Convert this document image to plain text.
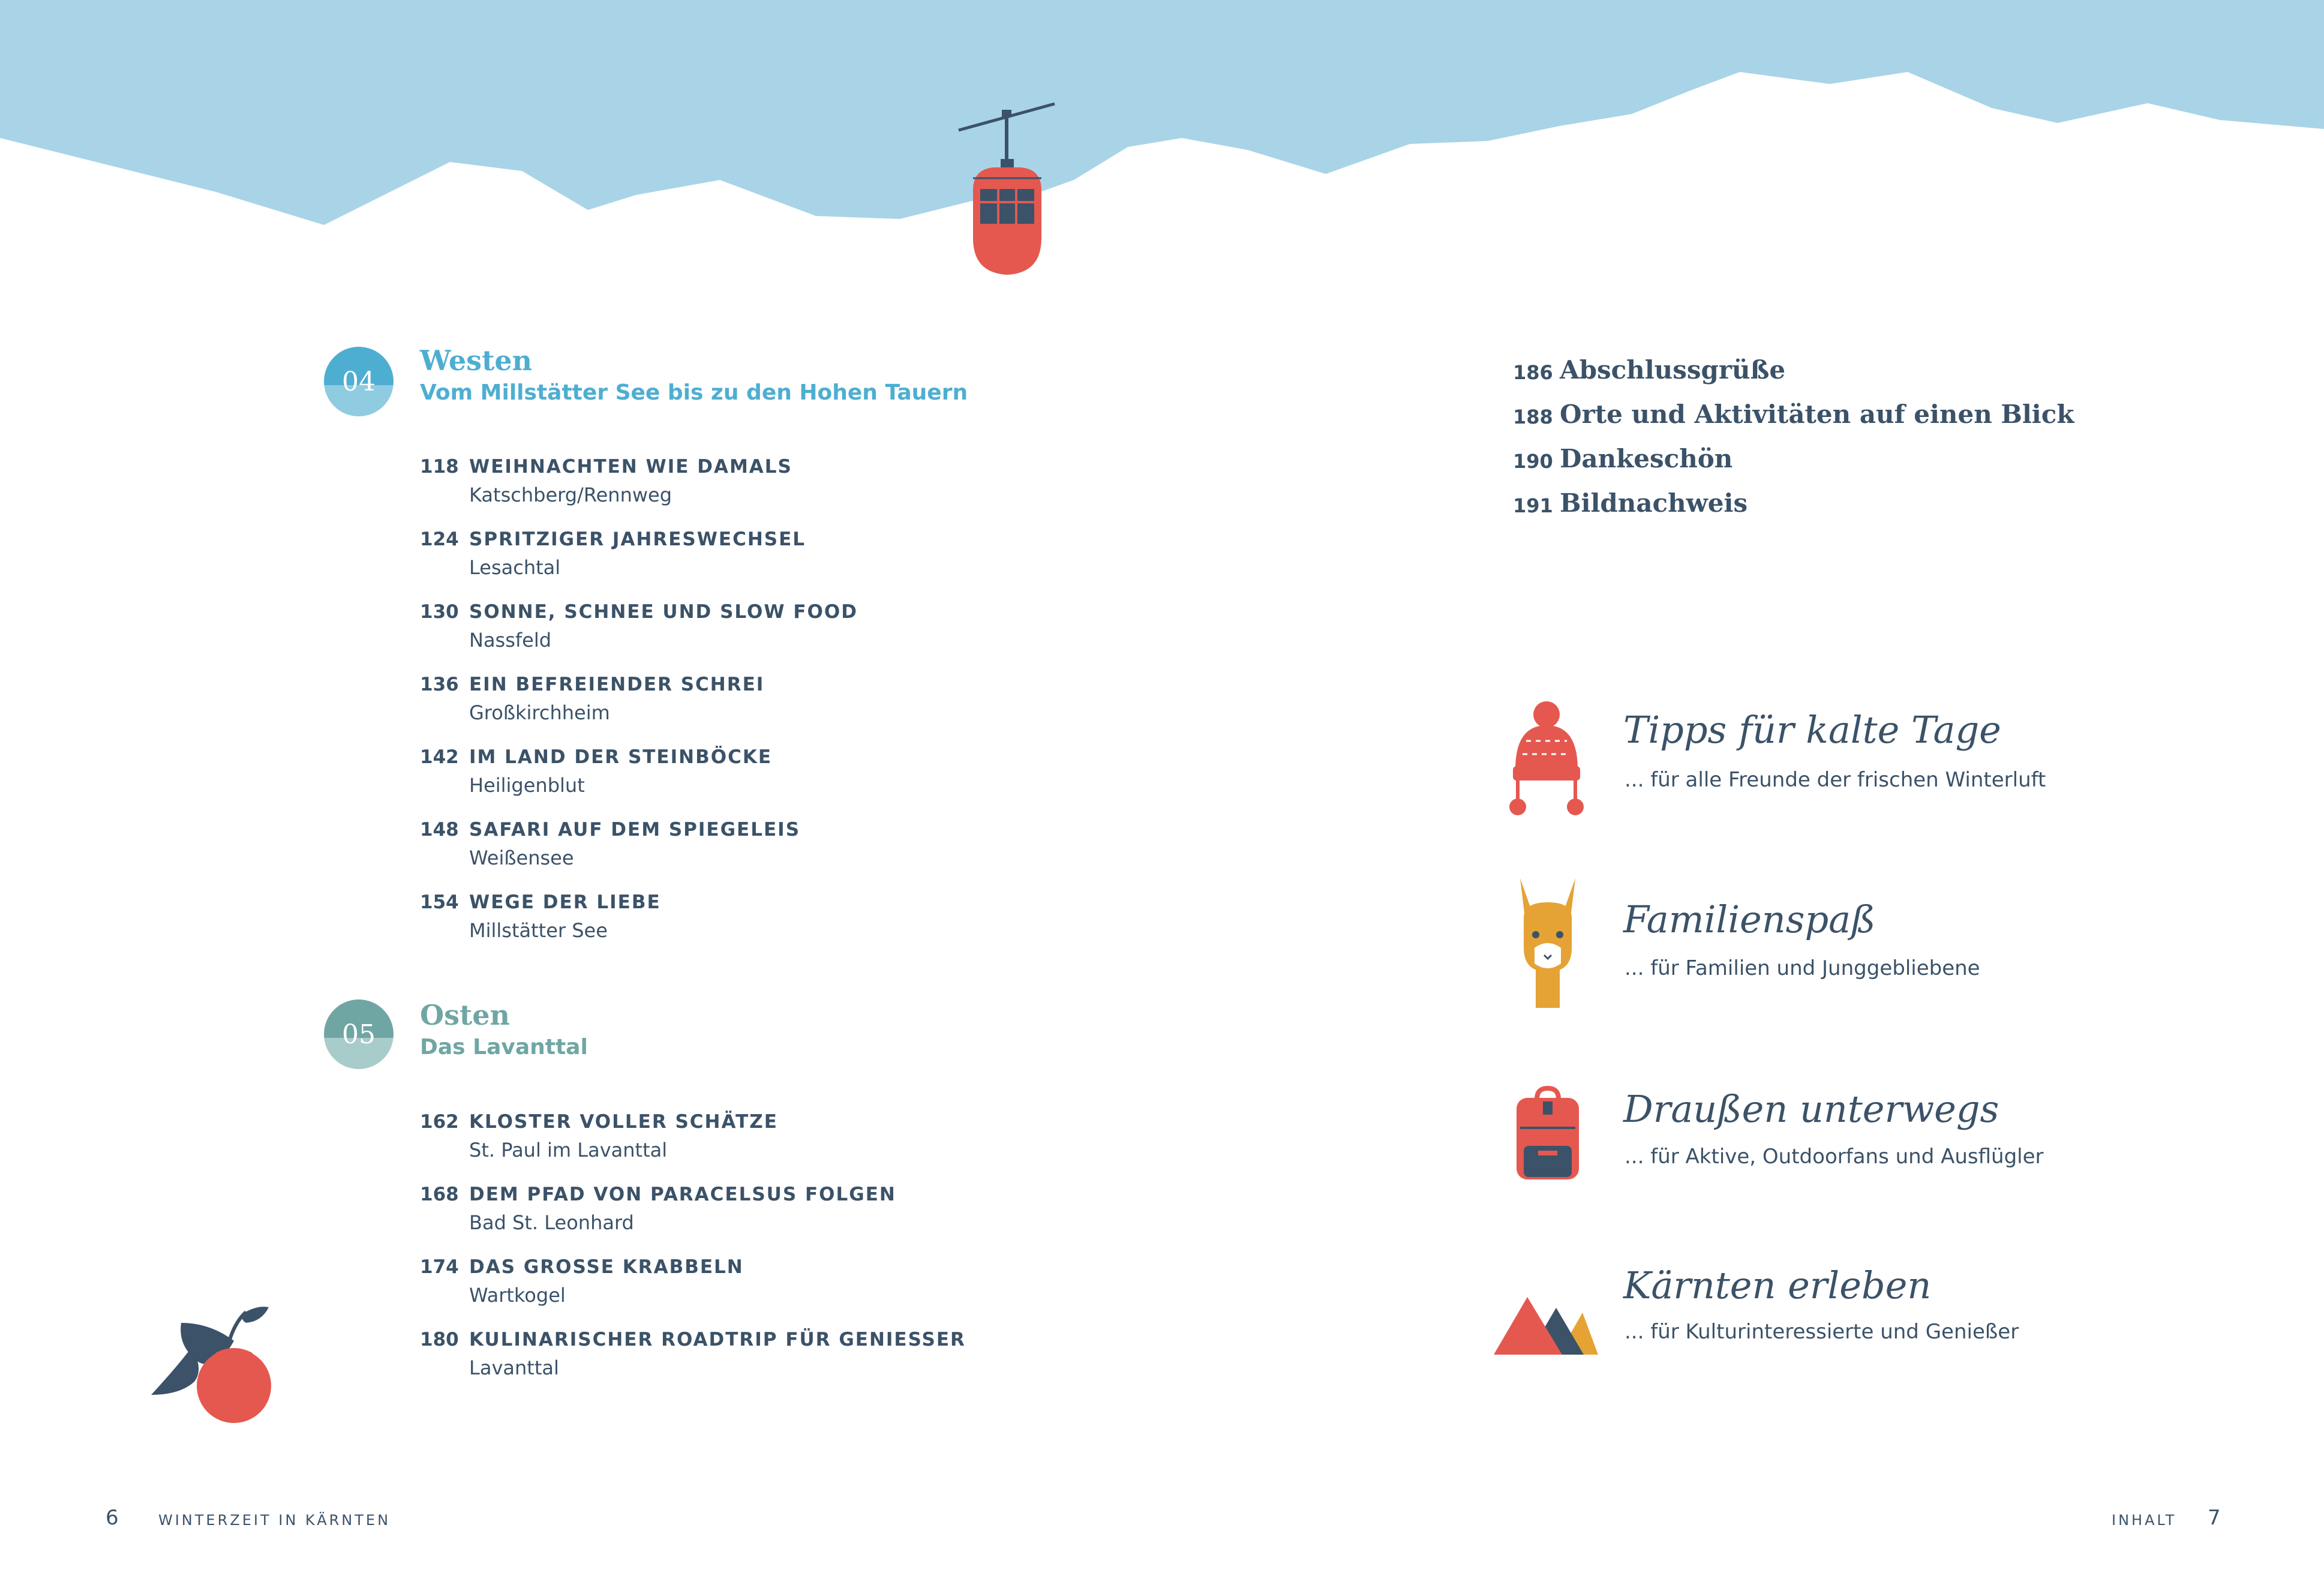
04
Westen
Vom Millstätter See bis zu den Hohen Tauern
118 WEIHNACHTEN WIE DAMALS
Katschberg/Rennweg
124 SPRITZIGER JAHRESWECHSEL
Lesachtal
130 SONNE, SCHNEE UND SLOW FOOD
Nassfeld
136 EIN BEFREIENDER SCHREI
Großkirchheim
142 IM LAND DER STEINBÖCKE
Heiligenblut
148 SAFARI AUF DEM SPIEGELEIS
Weißensee
154 WEGE DER LIEBE
Millstätter See
05
Osten
Das Lavanttal
162 KLOSTER VOLLER SCHÄTZE
St. Paul im Lavanttal
168 DEM PFAD VON PARACELSUS FOLGEN
Bad St. Leonhard
174 DAS GROSSE KRABBELN
Wartkogel
180 KULINARISCHER ROADTRIP FÜR GENIESSER
Lavanttal
186 Abschlussgrüße
188 Orte und Aktivitäten auf einen Blick
190 Dankeschön
191 Bildnachweis
Tipps für kalte Tage
... für alle Freunde der frischen Winterluft
Familienspaß
... für Familien und Junggebliebene
Draußen unterwegs
... für Aktive, Outdoorfans und Ausflügler
Kärnten erleben
... für Kulturinteressierte und Genießer
6	WINTERZEIT IN KÄRNTEN	INHALT 7
